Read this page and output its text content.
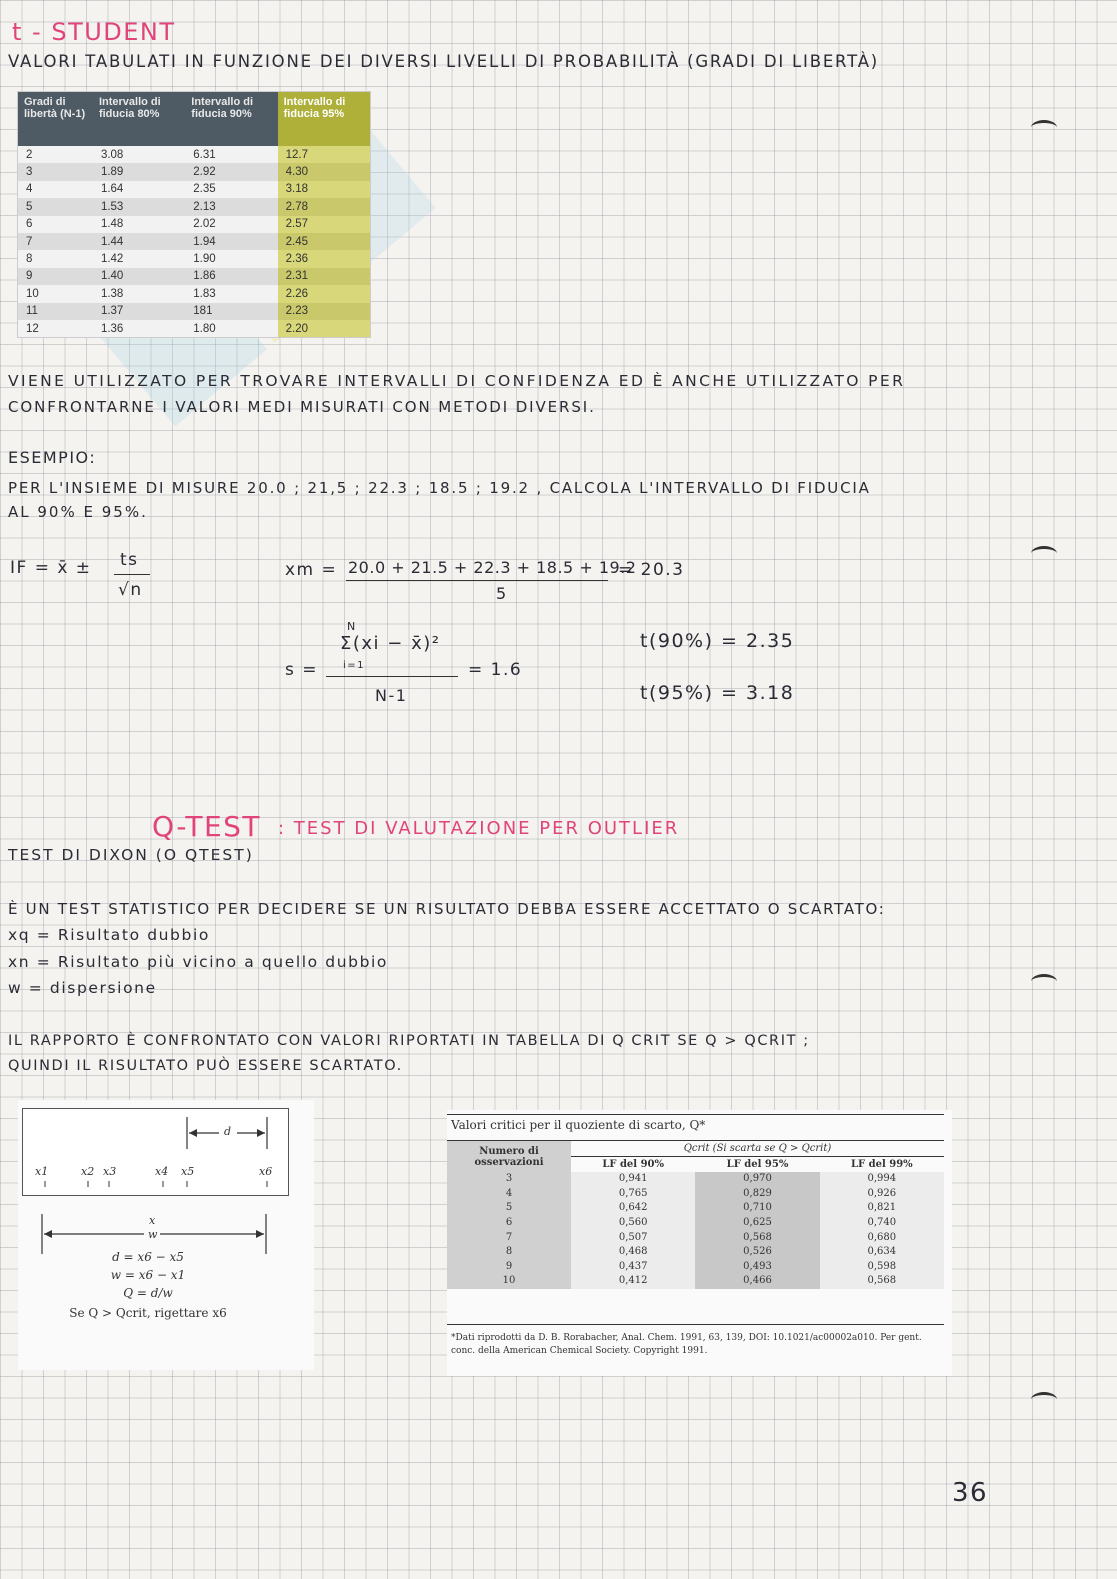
t - STUDENT
VALORI TABULATI IN FUNZIONE DEI DIVERSI LIVELLI DI PROBABILITÀ (GRADI DI LIBERTÀ)
Gradi di libertà (N-1)	Intervallo di fiducia 80%	Intervallo di fiducia 90%	Intervallo di fiducia 95%
2	3.08	6.31	12.7
3	1.89	2.92	4.30
4	1.64	2.35	3.18
5	1.53	2.13	2.78
6	1.48	2.02	2.57
7	1.44	1.94	2.45
8	1.42	1.90	2.36
9	1.40	1.86	2.31
10	1.38	1.83	2.26
11	1.37	181	2.23
12	1.36	1.80	2.20
VIENE UTILIZZATO PER TROVARE INTERVALLI DI CONFIDENZA ED È ANCHE UTILIZZATO PER
CONFRONTARNE I VALORI MEDI MISURATI CON METODI DIVERSI.
ESEMPIO:
PER L'INSIEME DI MISURE 20.0 ; 21,5 ; 22.3 ; 18.5 ; 19.2 , CALCOLA L'INTERVALLO DI FIDUCIA
AL 90% E 95%.
IF = x̄ ± ts
√n
xm = 20.0 + 21.5 + 22.3 + 18.5 + 19.2
5
= 20.3
s =
N
Σ(xi − x̄)²
i=1
N-1
= 1.6
t(90%) = 2.35
t(95%) = 3.18
Q-TEST : TEST DI VALUTAZIONE PER OUTLIER
TEST DI DIXON (O QTEST)
È UN TEST STATISTICO PER DECIDERE SE UN RISULTATO DEBBA ESSERE ACCETTATO O SCARTATO:
xq = Risultato dubbio
xn = Risultato più vicino a quello dubbio
w = dispersione
IL RAPPORTO È CONFRONTATO CON VALORI RIPORTATI IN TABELLA DI Q CRIT SE Q > QCRIT ;
QUINDI IL RISULTATO PUÒ ESSERE SCARTATO.
d
x1	x2 x3	x4 x5	x6
x
w
d = x6 − x5
w = x6 − x1
Q = d/w
Se Q > Qcrit, rigettare x6
Valori critici per il quoziente di scarto, Q*
Numero di osservazioni	Qcrit (Si scarta se Q > Qcrit)		
	LF del 90%	LF del 95%	LF del 99%
3	0,941	0,970	0,994
4	0,765	0,829	0,926
5	0,642	0,710	0,821
6	0,560	0,625	0,740
7	0,507	0,568	0,680
8	0,468	0,526	0,634
9	0,437	0,493	0,598
10	0,412	0,466	0,568
*Dati riprodotti da D. B. Rorabacher, Anal. Chem. 1991, 63, 139, DOI: 10.1021/ac00002a010. Per gent. conc. della American Chemical Society. Copyright 1991.
36
